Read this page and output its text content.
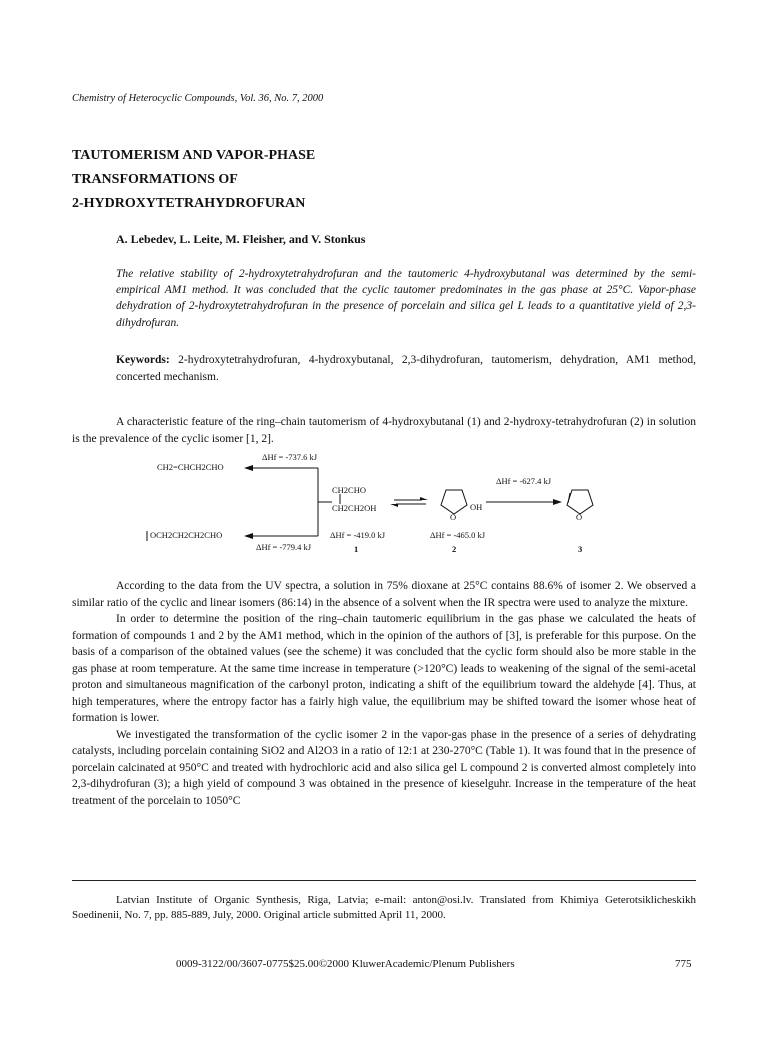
Chemistry of Heterocyclic Compounds, Vol. 36, No. 7, 2000
TAUTOMERISM AND VAPOR-PHASE
TRANSFORMATIONS OF
2-HYDROXYTETRAHYDROFURAN
A. Lebedev, L. Leite, M. Fleisher, and V. Stonkus
The relative stability of 2-hydroxytetrahydrofuran and the tautomeric 4-hydroxybutanal was determined by the semi-empirical AM1 method. It was concluded that the cyclic tautomer predominates in the gas phase at 25°C. Vapor-phase dehydration of 2-hydroxytetrahydrofuran in the presence of porcelain and silica gel L leads to a quantitative yield of 2,3-dihydrofuran.
Keywords: 2-hydroxytetrahydrofuran, 4-hydroxybutanal, 2,3-dihydrofuran, tautomerism, dehydration, AM1 method, concerted mechanism.

A characteristic feature of the ring–chain tautomerism of 4-hydroxybutanal (1) and 2-hydroxy-tetrahydrofuran (2) in solution is the prevalence of the cyclic isomer [1, 2].

ΔHf = -737.6 kJ
CH2=CHCH2CHO
ΔHf = -627.4 kJ
CH2CHO
CH2CH2OH
O
OH
O
OCH2CH2CH2CHO
ΔHf = -779.4 kJ
ΔHf = -419.0 kJ	ΔHf = -465.0 kJ
1	2	3

According to the data from the UV spectra, a solution in 75% dioxane at 25°C contains 88.6% of isomer 2. We observed a similar ratio of the cyclic and linear isomers (86:14) in the absence of a solvent when the IR spectra were used to analyze the mixture.

In order to determine the position of the ring–chain tautomeric equilibrium in the gas phase we calculated the heats of formation of compounds 1 and 2 by the AM1 method, which in the opinion of the authors of [3], is preferable for this purpose. On the basis of a comparison of the obtained values (see the scheme) it was concluded that the cyclic form should also be more stable in the gas phase at room temperature. At the same time increase in temperature (>120°C) leads to weakening of the signal of the semi-acetal proton and simultaneous magnification of the carbonyl proton, indicating a shift of the equilibrium toward the aldehyde [4]. Thus, at high temperatures, where the entropy factor has a fairly high value, the equilibrium may be shifted toward the isomer whose heat of formation is lower.

We investigated the transformation of the cyclic isomer 2 in the vapor-gas phase in the presence of a series of dehydrating catalysts, including porcelain containing SiO2 and Al2O3 in a ratio of 12:1 at 230-270°C (Table 1). It was found that in the presence of porcelain calcinated at 950°C and treated with hydrochloric acid and also silica gel L compound 2 is converted almost completely into 2,3-dihydrofuran (3); a high yield of compound 3 was obtained in the presence of kieselguhr. Increase in the temperature of the heat treatment of the porcelain to 1050°C

Latvian Institute of Organic Synthesis, Riga, Latvia; e-mail: anton@osi.lv. Translated from Khimiya Geterotsiklicheskikh Soedinenii, No. 7, pp. 885-889, July, 2000. Original article submitted April 11, 2000.
0009-3122/00/3607-0775$25.00©2000 KluwerAcademic/Plenum Publishers	775
